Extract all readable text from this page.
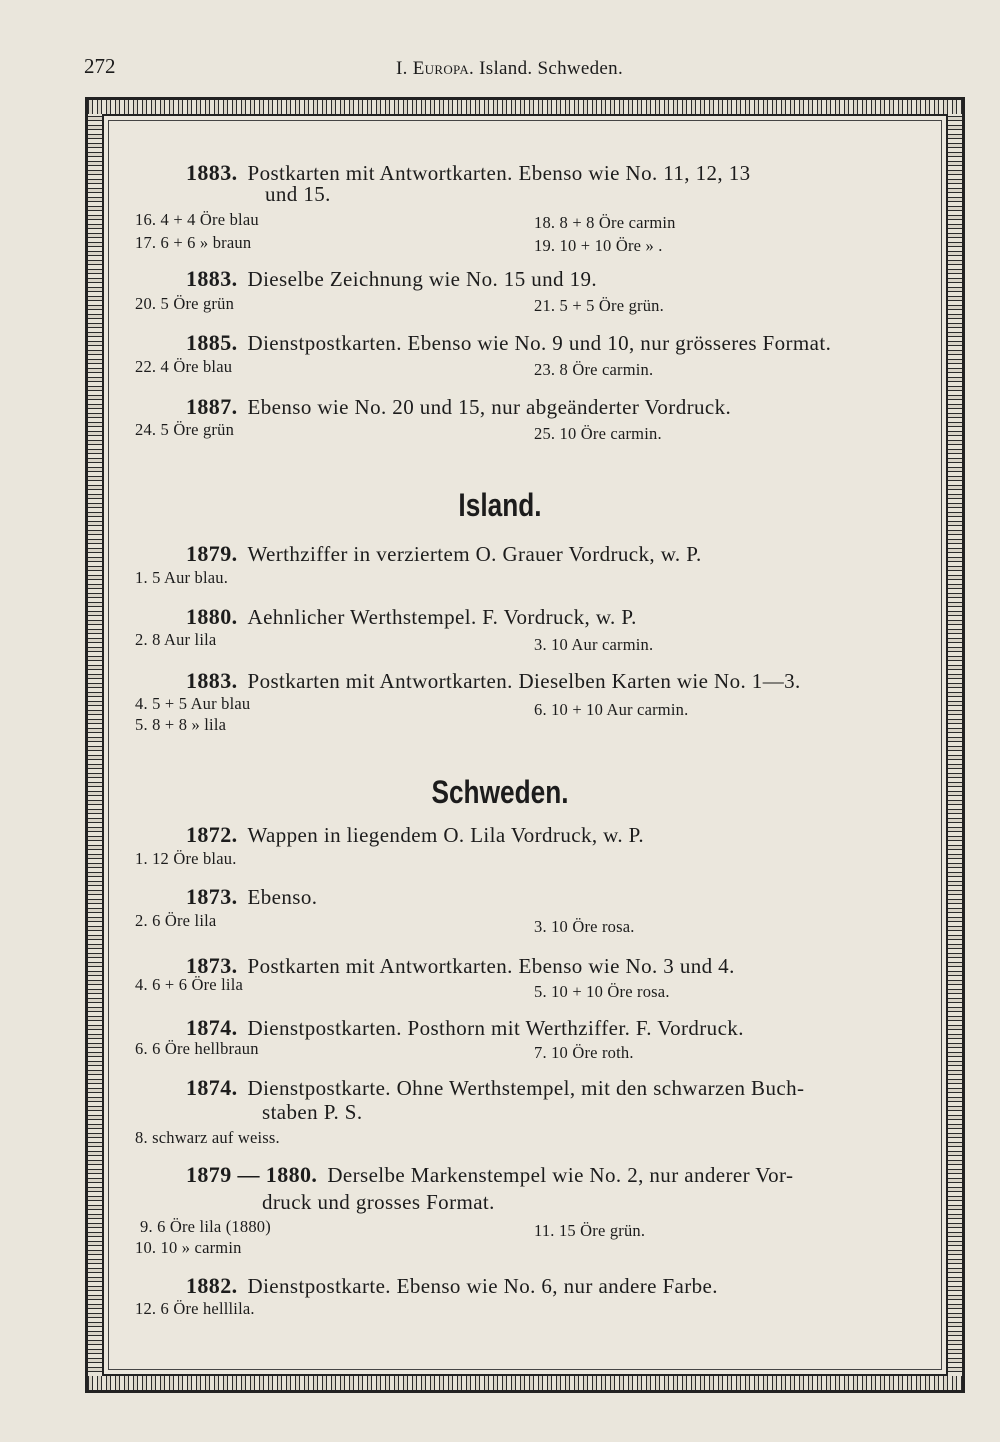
272	I. Europa. Island. Schweden.
1883. Postkarten mit Antwortkarten. Ebenso wie No. 11, 12, 13
und 15.
16. 4 + 4 Öre blau	18. 8 + 8 Öre carmin
17. 6 + 6 » braun	19. 10 + 10 Öre » .
1883. Dieselbe Zeichnung wie No. 15 und 19.
20. 5 Öre grün	21. 5 + 5 Öre grün.
1885. Dienstpostkarten. Ebenso wie No. 9 und 10, nur grösseres Format.
22. 4 Öre blau	23. 8 Öre carmin.
1887. Ebenso wie No. 20 und 15, nur abgeänderter Vordruck.
24. 5 Öre grün	25. 10 Öre carmin.
Island.
1879. Werthziffer in verziertem O. Grauer Vordruck, w. P.
1. 5 Aur blau.
1880. Aehnlicher Werthstempel. F. Vordruck, w. P.
2. 8 Aur lila	3. 10 Aur carmin.
1883. Postkarten mit Antwortkarten. Dieselben Karten wie No. 1—3.
4. 5 + 5 Aur blau	6. 10 + 10 Aur carmin.
5. 8 + 8 » lila
Schweden.
1872. Wappen in liegendem O. Lila Vordruck, w. P.
1. 12 Öre blau.
1873. Ebenso.
2. 6 Öre lila	3. 10 Öre rosa.
1873. Postkarten mit Antwortkarten. Ebenso wie No. 3 und 4.
4. 6 + 6 Öre lila	5. 10 + 10 Öre rosa.
1874. Dienstpostkarten. Posthorn mit Werthziffer. F. Vordruck.
6. 6 Öre hellbraun	7. 10 Öre roth.
1874. Dienstpostkarte. Ohne Werthstempel, mit den schwarzen Buch-
staben P. S.
8. schwarz auf weiss.
1879 — 1880. Derselbe Markenstempel wie No. 2, nur anderer Vor-
druck und grosses Format.
9. 6 Öre lila (1880)	11. 15 Öre grün.
10. 10 » carmin
1882. Dienstpostkarte. Ebenso wie No. 6, nur andere Farbe.
12. 6 Öre helllila.
